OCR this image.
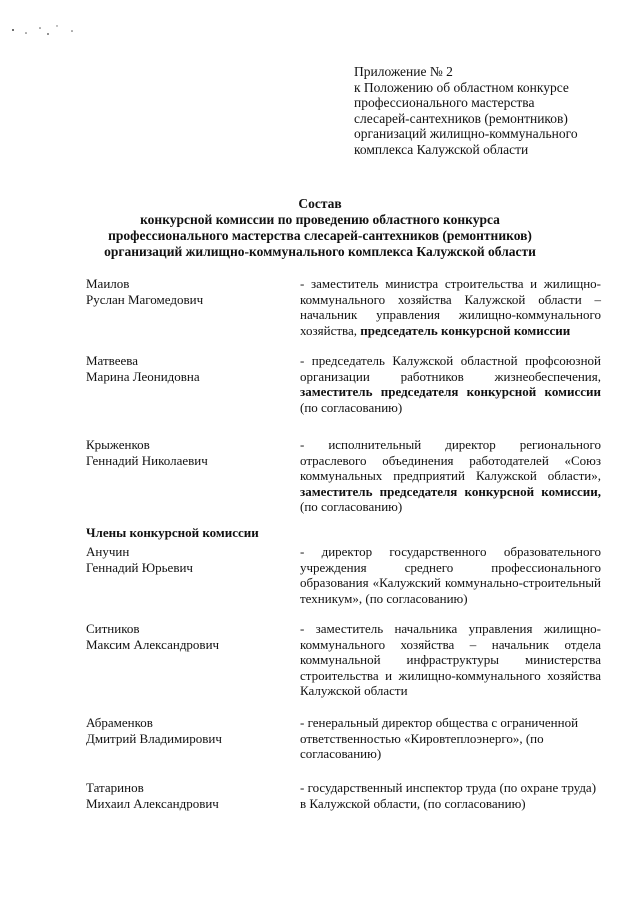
Приложение № 2
к Положению об областном конкурсе
профессионального мастерства
слесарей-сантехников (ремонтников)
организаций жилищно-коммунального
комплекса Калужской области
Состав
конкурсной комиссии по проведению областного конкурса
профессионального мастерства слесарей-сантехников (ремонтников)
организаций жилищно-коммунального комплекса Калужской области
Маилов
Руслан Магомедович
- заместитель министра строительства и жилищно-коммунального хозяйства Калужской области – начальник управления жилищно-коммунального хозяйства, председатель конкурсной комиссии
Матвеева
Марина Леонидовна
- председатель Калужской областной профсоюзной организации работников жизнеобеспечения, заместитель председателя конкурсной комиссии (по согласованию)
Крыженков
Геннадий Николаевич
- исполнительный директор регионального отраслевого объединения работодателей «Союз коммунальных предприятий Калужской области», заместитель председателя конкурсной комиссии, (по согласованию)
Члены конкурсной комиссии
Анучин
Геннадий Юрьевич
- директор государственного образовательного учреждения среднего профессионального образования «Калужский коммунально-строительный техникум», (по согласованию)
Ситников
Максим Александрович
- заместитель начальника управления жилищно-коммунального хозяйства – начальник отдела коммунальной инфраструктуры министерства строительства и жилищно-коммунального хозяйства Калужской области
Абраменков
Дмитрий Владимирович
- генеральный директор общества с ограниченной ответственностью «Кировтеплоэнерго», (по согласованию)
Татаринов
Михаил Александрович
- государственный инспектор труда (по охране труда) в Калужской области, (по согласованию)
